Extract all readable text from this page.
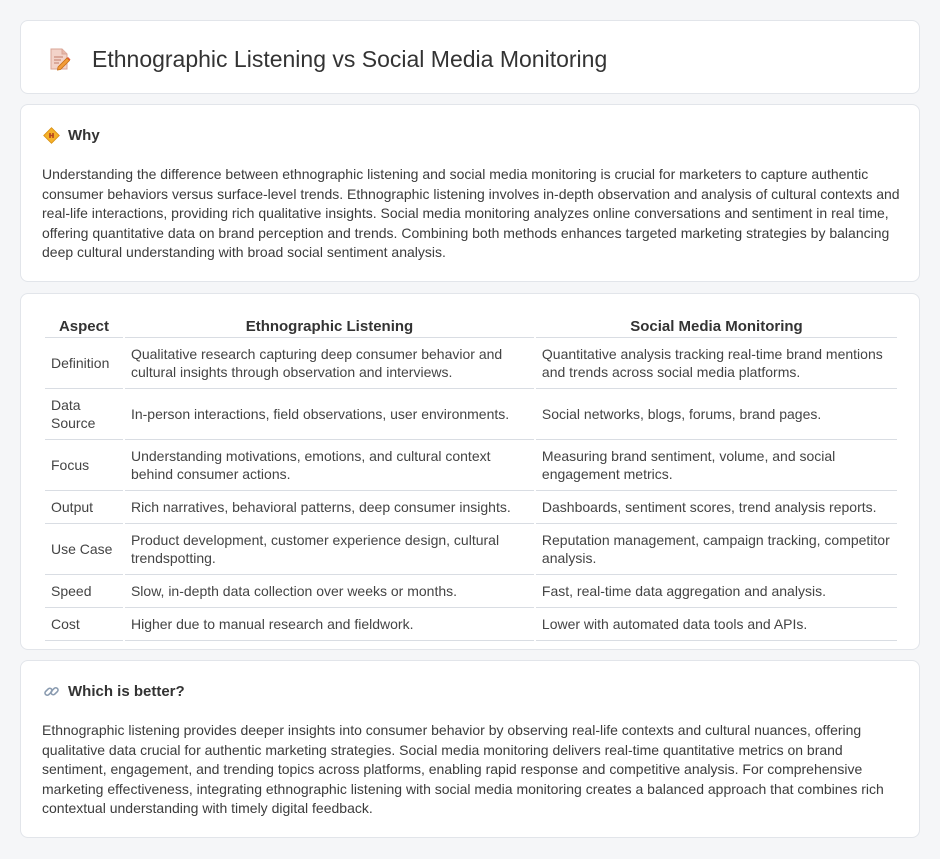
Ethnographic Listening vs Social Media Monitoring
Why

Understanding the difference between ethnographic listening and social media monitoring is crucial for marketers to capture authentic consumer behaviors versus surface-level trends. Ethnographic listening involves in-depth observation and analysis of cultural contexts and real-life interactions, providing rich qualitative insights. Social media monitoring analyzes online conversations and sentiment in real time, offering quantitative data on brand perception and trends. Combining both methods enhances targeted marketing strategies by balancing deep cultural understanding with broad social sentiment analysis.

Aspect	Ethnographic Listening	Social Media Monitoring
Definition	Qualitative research capturing deep consumer behavior and cultural insights through observation and interviews.	Quantitative analysis tracking real-time brand mentions and trends across social media platforms.
Data Source	In-person interactions, field observations, user environments.	Social networks, blogs, forums, brand pages.
Focus	Understanding motivations, emotions, and cultural context behind consumer actions.	Measuring brand sentiment, volume, and social engagement metrics.
Output	Rich narratives, behavioral patterns, deep consumer insights.	Dashboards, sentiment scores, trend analysis reports.
Use Case	Product development, customer experience design, cultural trendspotting.	Reputation management, campaign tracking, competitor analysis.
Speed	Slow, in-depth data collection over weeks or months.	Fast, real-time data aggregation and analysis.
Cost	Higher due to manual research and fieldwork.	Lower with automated data tools and APIs.
Which is better?

Ethnographic listening provides deeper insights into consumer behavior by observing real-life contexts and cultural nuances, offering qualitative data crucial for authentic marketing strategies. Social media monitoring delivers real-time quantitative metrics on brand sentiment, engagement, and trending topics across platforms, enabling rapid response and competitive analysis. For comprehensive marketing effectiveness, integrating ethnographic listening with social media monitoring creates a balanced approach that combines rich contextual understanding with timely digital feedback.
